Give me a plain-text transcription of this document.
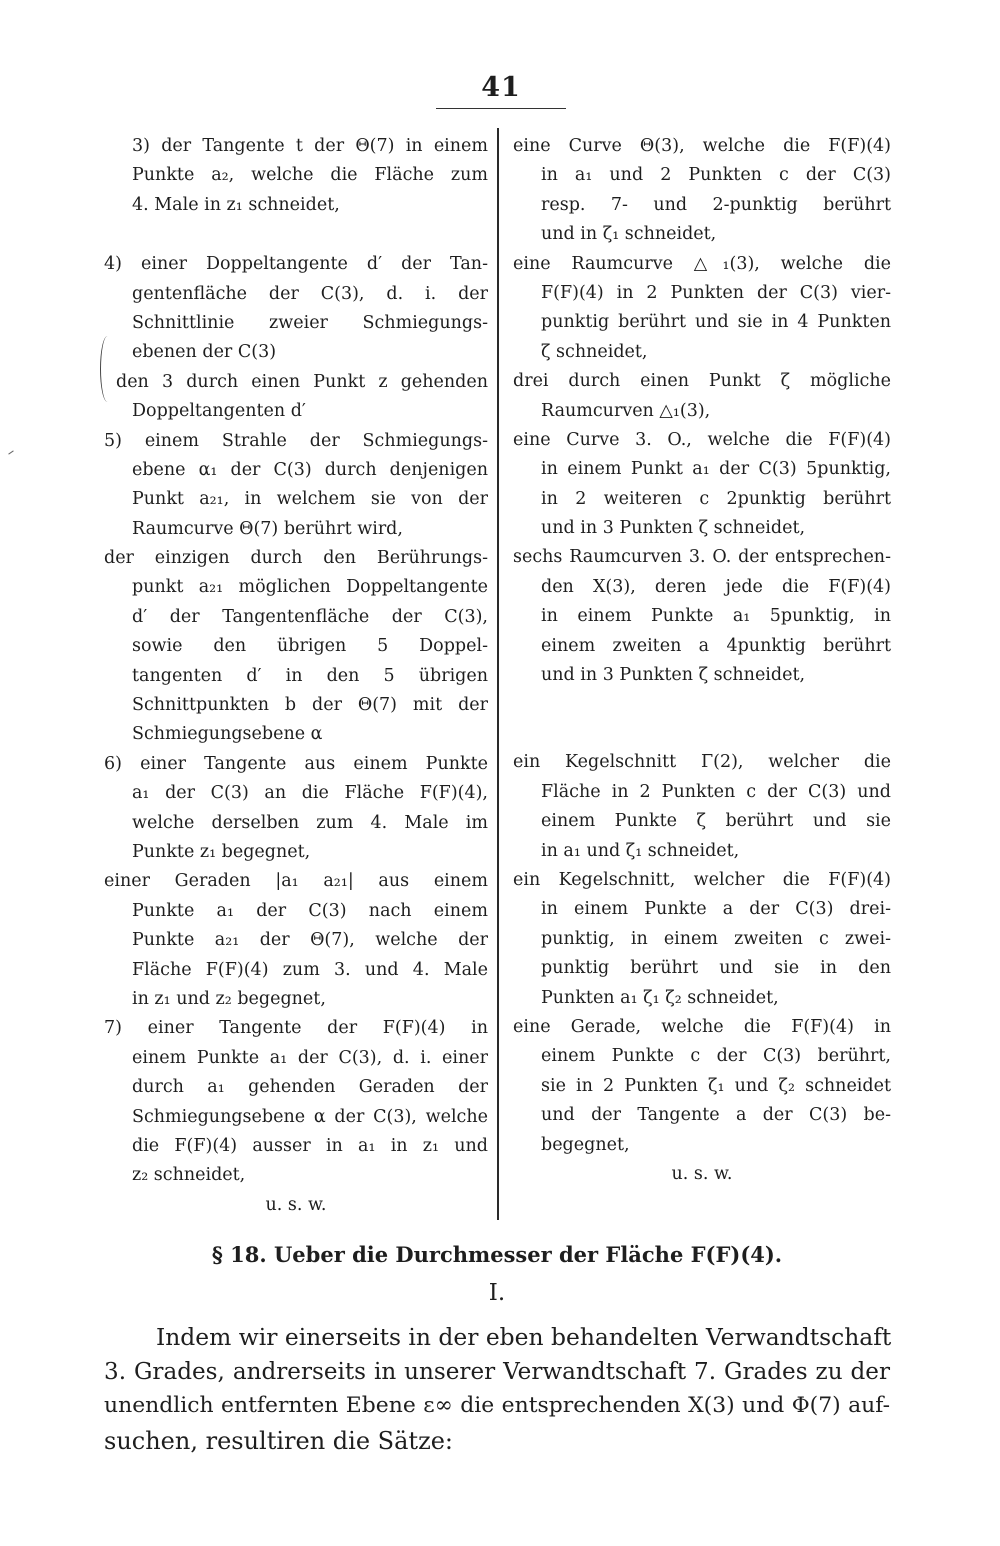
41
3) der Tangente t der Θ(7) in einem
Punkte a₂, welche die Fläche zum
4. Male in z₁ schneidet,
4) einer Doppeltangente d′ der Tan-
gentenfläche der C(3), d. i. der
Schnittlinie zweier Schmiegungs-
ebenen der C(3)
den 3 durch einen Punkt z gehenden
Doppeltangenten d′
5) einem Strahle der Schmiegungs-
ebene α₁ der C(3) durch denjenigen
Punkt a₂₁, in welchem sie von der
Raumcurve Θ(7) berührt wird,
der einzigen durch den Berührungs-
punkt a₂₁ möglichen Doppeltangente
d′ der Tangentenfläche der C(3),
sowie den übrigen 5 Doppel-
tangenten d′ in den 5 übrigen
Schnittpunkten b der Θ(7) mit der
Schmiegungsebene α
6) einer Tangente aus einem Punkte
a₁ der C(3) an die Fläche F(F)(4),
welche derselben zum 4. Male im
Punkte z₁ begegnet,
einer Geraden |a₁ a₂₁| aus einem
Punkte a₁ der C(3) nach einem
Punkte a₂₁ der Θ(7), welche der
Fläche F(F)(4) zum 3. und 4. Male
in z₁ und z₂ begegnet,
7) einer Tangente der F(F)(4) in
einem Punkte a₁ der C(3), d. i. einer
durch a₁ gehenden Geraden der
Schmiegungsebene α der C(3), welche
die F(F)(4) ausser in a₁ in z₁ und
z₂ schneidet,
u. s. w.
eine Curve Θ(3), welche die F(F)(4)
in a₁ und 2 Punkten c der C(3)
resp. 7- und 2-punktig berührt
und in ζ₁ schneidet,
eine Raumcurve △₁(3), welche die
F(F)(4) in 2 Punkten der C(3) vier-
punktig berührt und sie in 4 Punkten
ζ schneidet,
drei durch einen Punkt ζ mögliche
Raumcurven △₁(3),
eine Curve 3. O., welche die F(F)(4)
in einem Punkt a₁ der C(3) 5punktig,
in 2 weiteren c 2punktig berührt
und in 3 Punkten ζ schneidet,
sechs Raumcurven 3. O. der entsprechen-
den X(3), deren jede die F(F)(4)
in einem Punkte a₁ 5punktig, in
einem zweiten a 4punktig berührt
und in 3 Punkten ζ schneidet,
ein Kegelschnitt Γ(2), welcher die
Fläche in 2 Punkten c der C(3) und
einem Punkte ζ berührt und sie
in a₁ und ζ₁ schneidet,
ein Kegelschnitt, welcher die F(F)(4)
in einem Punkte a der C(3) drei-
punktig, in einem zweiten c zwei-
punktig berührt und sie in den
Punkten a₁ ζ₁ ζ₂ schneidet,
eine Gerade, welche die F(F)(4) in
einem Punkte c der C(3) berührt,
sie in 2 Punkten ζ₁ und ζ₂ schneidet
und der Tangente a der C(3) be-
begegnet,
u. s. w.
§ 18. Ueber die Durchmesser der Fläche F(F)(4).
I.
Indem wir einerseits in der eben behandelten Verwandtschaft
3. Grades, andrerseits in unserer Verwandtschaft 7. Grades zu der
unendlich entfernten Ebene ε∞ die entsprechenden X(3) und Φ(7) auf-
suchen, resultiren die Sätze:
